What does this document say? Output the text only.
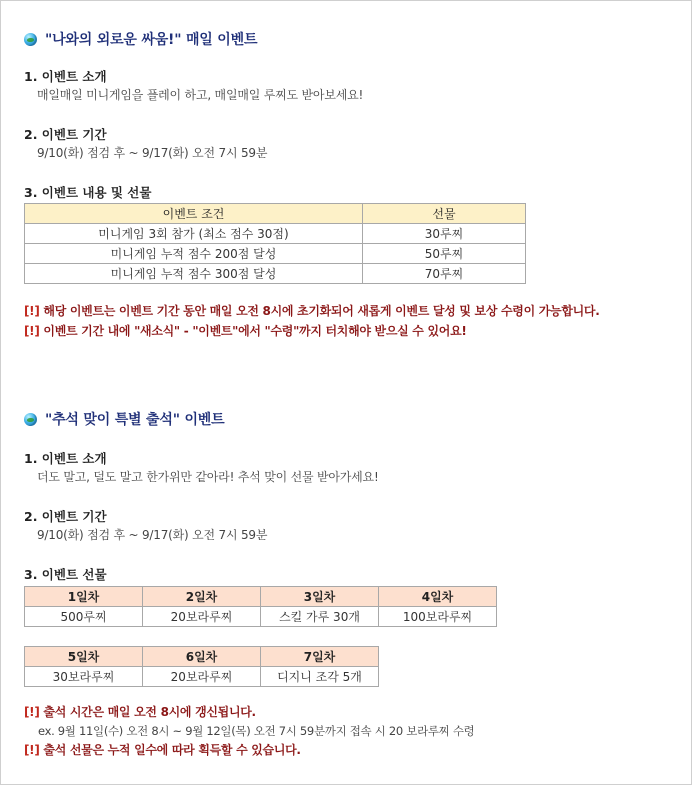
"나와의 외로운 싸움!" 매일 이벤트

1. 이벤트 소개

매일매일 미니게임을 플레이 하고, 매일매일 루찌도 받아보세요!

2. 이벤트 기간

9/10(화) 점검 후 ~ 9/17(화) 오전 7시 59분

3. 이벤트 내용 및 선물

이벤트 조건	선물
미니게임 3회 참가 (최소 점수 30점)	30루찌
미니게임 누적 점수 200점 달성	50루찌
미니게임 누적 점수 300점 달성	70루찌
[!] 해당 이벤트는 이벤트 기간 동안 매일 오전 8시에 초기화되어 새롭게 이벤트 달성 및 보상 수령이 가능합니다.
[!] 이벤트 기간 내에 "새소식" - "이벤트"에서 "수령"까지 터치해야 받으실 수 있어요!
"추석 맞이 특별 출석" 이벤트

1. 이벤트 소개

더도 말고, 덜도 말고 한가위만 같아라! 추석 맞이 선물 받아가세요!

2. 이벤트 기간

9/10(화) 점검 후 ~ 9/17(화) 오전 7시 59분

3. 이벤트 선물

1일차	2일차	3일차	4일차
500루찌	20보라루찌	스킬 가루 30개	100보라루찌
5일차	6일차	7일차
30보라루찌	20보라루찌	디지니 조각 5개
[!] 출석 시간은 매일 오전 8시에 갱신됩니다.
ex. 9월 11일(수) 오전 8시 ~ 9월 12일(목) 오전 7시 59분까지 접속 시 20 보라루찌 수령
[!] 출석 선물은 누적 일수에 따라 획득할 수 있습니다.
